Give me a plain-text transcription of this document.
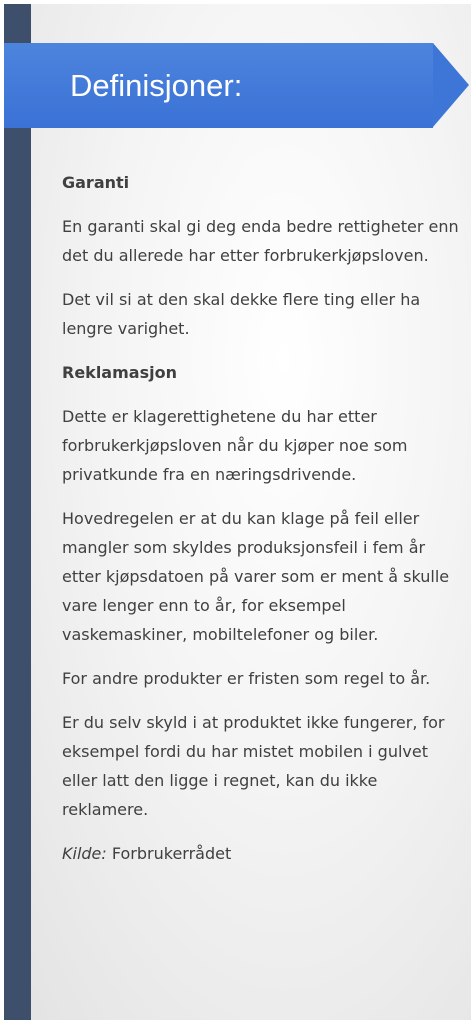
Definisjoner:

Garanti

En garanti skal gi deg enda bedre rettigheter enn det du allerede har etter forbrukerkjøpsloven.

Det vil si at den skal dekke flere ting eller ha lengre varighet.

Reklamasjon

Dette er klagerettighetene du har etter forbrukerkjøpsloven når du kjøper noe som privatkunde fra en næringsdrivende.

Hovedregelen er at du kan klage på feil eller mangler som skyldes produksjonsfeil i fem år etter kjøpsdatoen på varer som er ment å skulle vare lenger enn to år, for eksempel vaskemaskiner, mobiltelefoner og biler.

For andre produkter er fristen som regel to år.

Er du selv skyld i at produktet ikke fungerer, for eksempel fordi du har mistet mobilen i gulvet eller latt den ligge i regnet, kan du ikke reklamere.

Kilde: Forbrukerrådet
